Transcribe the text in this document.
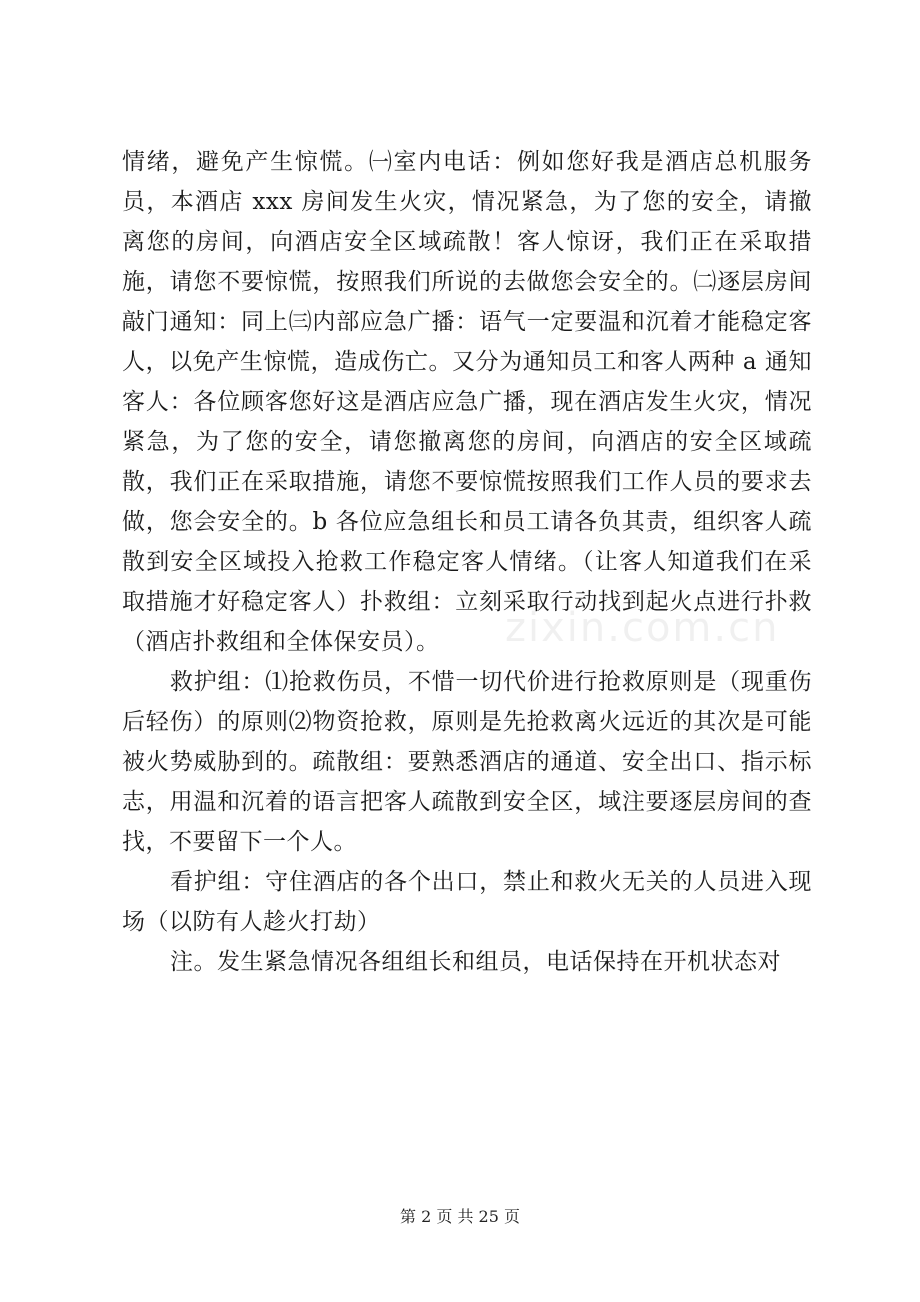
情绪，避免产生惊慌。㈠室内电话：例如您好我是酒店总机服务员，本酒店 xxx 房间发生火灾，情况紧急，为了您的安全，请撤离您的房间，向酒店安全区域疏散！客人惊讶，我们正在采取措施，请您不要惊慌，按照我们所说的去做您会安全的。㈡逐层房间敲门通知：同上㈢内部应急广播：语气一定要温和沉着才能稳定客人，以免产生惊慌，造成伤亡。又分为通知员工和客人两种 a 通知客人：各位顾客您好这是酒店应急广播，现在酒店发生火灾，情况紧急，为了您的安全，请您撤离您的房间，向酒店的安全区域疏散，我们正在采取措施，请您不要惊慌按照我们工作人员的要求去做，您会安全的。b 各位应急组长和员工请各负其责，组织客人疏散到安全区域投入抢救工作稳定客人情绪。（让客人知道我们在采取措施才好稳定客人）扑救组：立刻采取行动找到起火点进行扑救（酒店扑救组和全体保安员）。

救护组：⑴抢救伤员，不惜一切代价进行抢救原则是（现重伤后轻伤）的原则⑵物资抢救，原则是先抢救离火远近的其次是可能被火势威胁到的。疏散组：要熟悉酒店的通道、安全出口、指示标志，用温和沉着的语言把客人疏散到安全区，域注要逐层房间的查找，不要留下一个人。

看护组：守住酒店的各个出口，禁止和救火无关的人员进入现场（以防有人趁火打劫）

注。发生紧急情况各组组长和组员，电话保持在开机状态对

zixin.com.cn
第 2 页 共 25 页
